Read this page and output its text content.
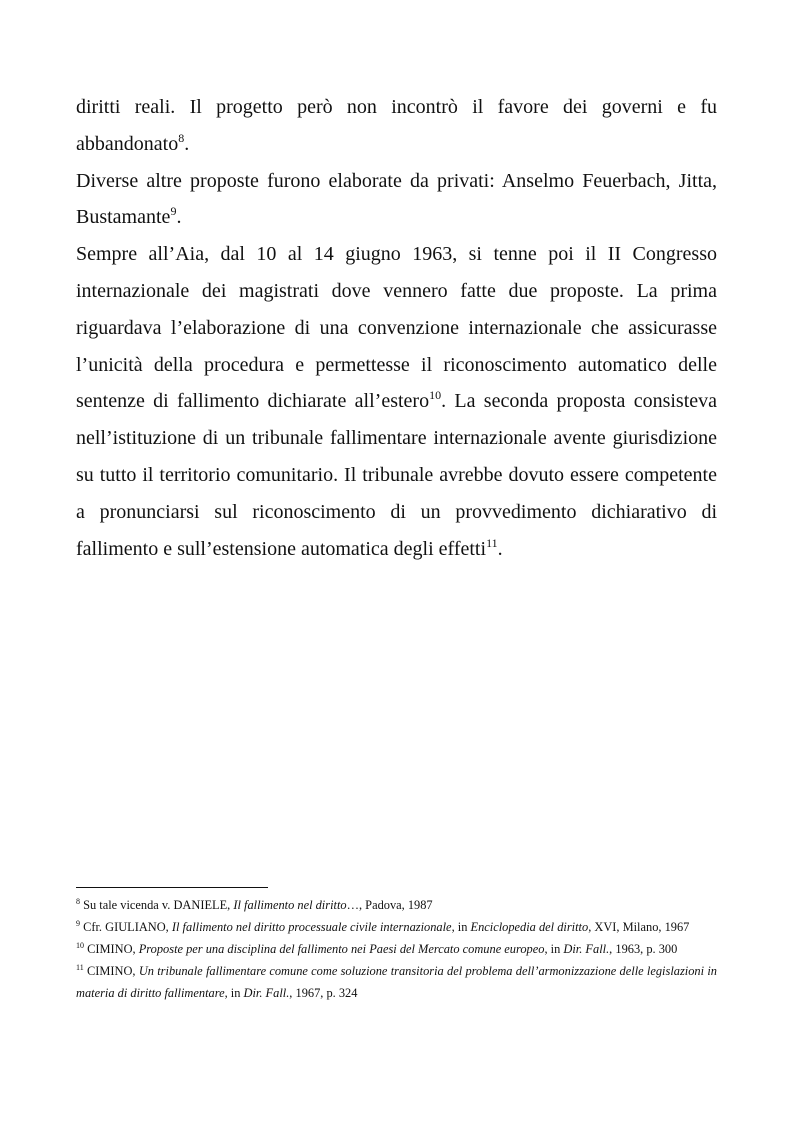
diritti reali. Il progetto però non incontrò il favore dei governi e fu abbandonato$^8$.

Diverse altre proposte furono elaborate da privati: Anselmo Feuerbach, Jitta, Bustamante$^9$.

Sempre all’Aia, dal 10 al 14 giugno 1963, si tenne poi il II Congresso internazionale dei magistrati dove vennero fatte due proposte. La prima riguardava l’elaborazione di una convenzione internazionale che assicurasse l’unicità della procedura e permettesse il riconoscimento automatico delle sentenze di fallimento dichiarate all’estero$^{10}$. La seconda proposta consisteva nell’istituzione di un tribunale fallimentare internazionale avente giurisdizione su tutto il territorio comunitario. Il tribunale avrebbe dovuto essere competente a pronunciarsi sul riconoscimento di un provvedimento dichiarativo di fallimento e sull’estensione automatica degli effetti$^{11}$.

$^8$ Su tale vicenda v. DANIELE, Il fallimento nel diritto…, Padova, 1987

$^9$ Cfr. GIULIANO, Il fallimento nel diritto processuale civile internazionale, in Enciclopedia del diritto, XVI, Milano, 1967

$^{10}$ CIMINO, Proposte per una disciplina del fallimento nei Paesi del Mercato comune europeo, in Dir. Fall., 1963, p. 300

$^{11}$ CIMINO, Un tribunale fallimentare comune come soluzione transitoria del problema dell’armonizzazione delle legislazioni in materia di diritto fallimentare, in Dir. Fall., 1967, p. 324
